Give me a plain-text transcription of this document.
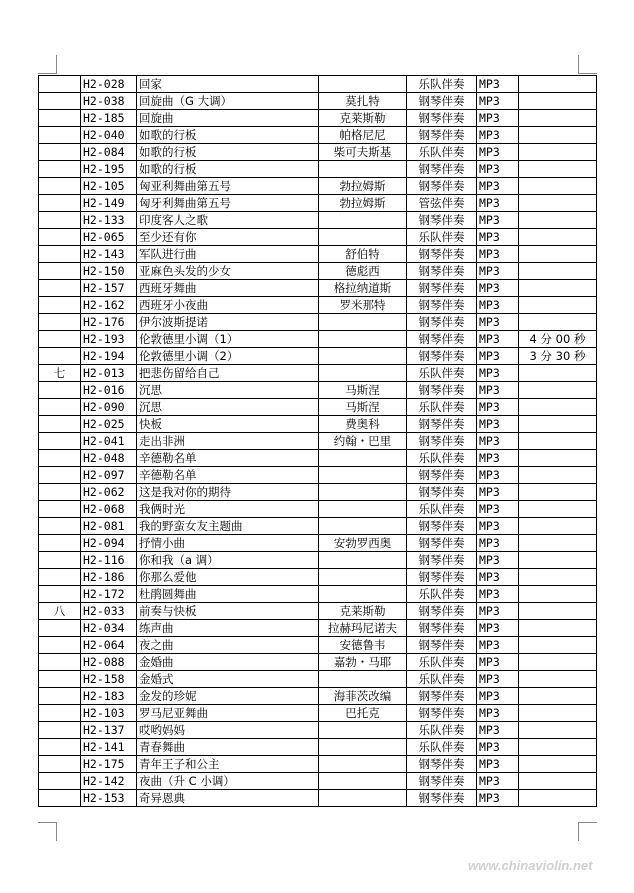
	H2-028	回家		乐队伴奏	MP3	
	H2-038	回旋曲（G 大调）	莫扎特	钢琴伴奏	MP3	
	H2-185	回旋曲	克莱斯勒	钢琴伴奏	MP3	
	H2-040	如歌的行板	帕格尼尼	钢琴伴奏	MP3	
	H2-084	如歌的行板	柴可夫斯基	乐队伴奏	MP3	
	H2-195	如歌的行板		钢琴伴奏	MP3	
	H2-105	匈亚利舞曲第五号	勃拉姆斯	钢琴伴奏	MP3	
	H2-149	匈牙利舞曲第五号	勃拉姆斯	管弦伴奏	MP3	
	H2-133	印度客人之歌		钢琴伴奏	MP3	
	H2-065	至少还有你		乐队伴奏	MP3	
	H2-143	军队进行曲	舒伯特	钢琴伴奏	MP3	
	H2-150	亚麻色头发的少女	德彪西	钢琴伴奏	MP3	
	H2-157	西班牙舞曲	格拉纳道斯	钢琴伴奏	MP3	
	H2-162	西班牙小夜曲	罗米那特	钢琴伴奏	MP3	
	H2-176	伊尔波斯提诺		钢琴伴奏	MP3	
	H2-193	伦敦德里小调（1）		钢琴伴奏	MP3	4 分 00 秒
	H2-194	伦敦德里小调（2）		钢琴伴奏	MP3	3 分 30 秒
七	H2-013	把悲伤留给自己		乐队伴奏	MP3	
	H2-016	沉思	马斯涅	钢琴伴奏	MP3	
	H2-090	沉思	马斯涅	乐队伴奏	MP3	
	H2-025	快板	费奥科	钢琴伴奏	MP3	
	H2-041	走出非洲	约翰・巴里	钢琴伴奏	MP3	
	H2-048	辛德勒名单		乐队伴奏	MP3	
	H2-097	辛德勒名单		钢琴伴奏	MP3	
	H2-062	这是我对你的期待		钢琴伴奏	MP3	
	H2-068	我俩时光		乐队伴奏	MP3	
	H2-081	我的野蛮女友主题曲		钢琴伴奏	MP3	
	H2-094	抒情小曲	安勃罗西奥	钢琴伴奏	MP3	
	H2-116	你和我（a 调）		钢琴伴奏	MP3	
	H2-186	你那么爱他		钢琴伴奏	MP3	
	H2-172	杜鹃圆舞曲		乐队伴奏	MP3	
八	H2-033	前奏与快板	克莱斯勒	钢琴伴奏	MP3	
	H2-034	练声曲	拉赫玛尼诺夫	钢琴伴奏	MP3	
	H2-064	夜之曲	安德鲁韦	钢琴伴奏	MP3	
	H2-088	金婚曲	嘉勃・马耶	乐队伴奏	MP3	
	H2-158	金婚式		乐队伴奏	MP3	
	H2-183	金发的珍妮	海菲茨改编	钢琴伴奏	MP3	
	H2-103	罗马尼亚舞曲	巴托克	钢琴伴奏	MP3	
	H2-137	哎哟妈妈		乐队伴奏	MP3	
	H2-141	青春舞曲		乐队伴奏	MP3	
	H2-175	青年王子和公主		钢琴伴奏	MP3	
	H2-142	夜曲（升 C 小调）		钢琴伴奏	MP3	
	H2-153	奇异恩典		钢琴伴奏	MP3	
www.chinaviolin.net
